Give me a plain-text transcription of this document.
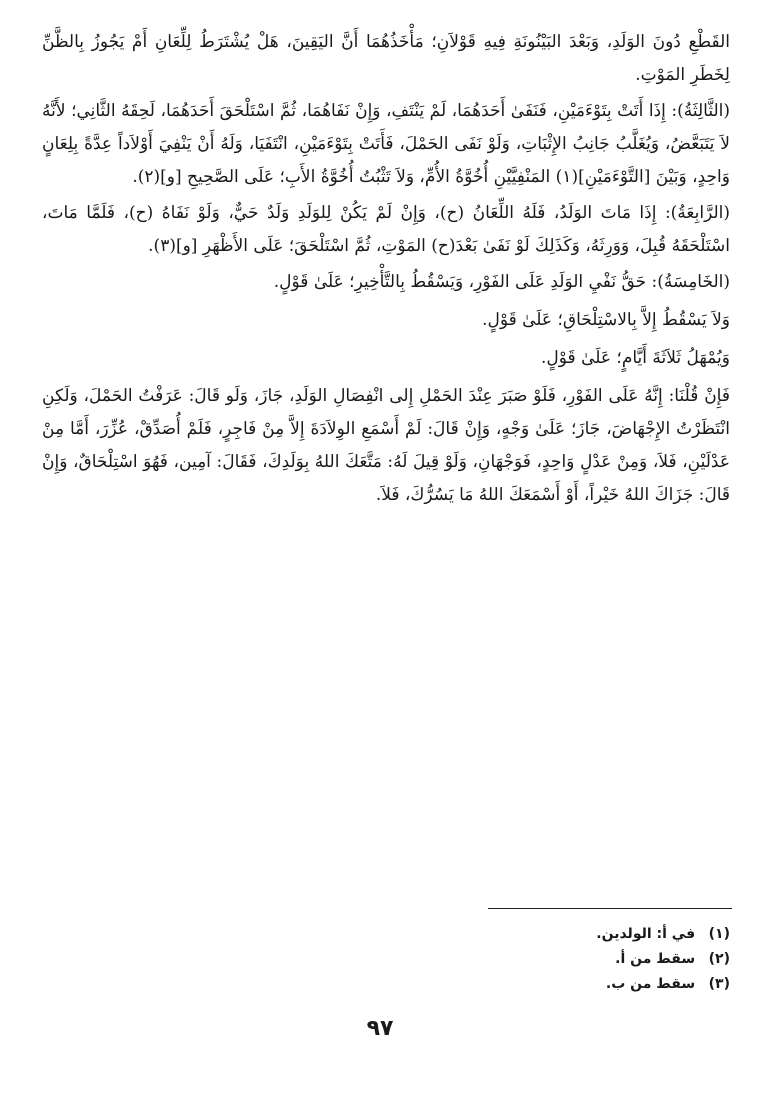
القَطْعِ دُونَ الوَلَدِ، وَبَعْدَ البَيْنُونَةِ فِيهِ قَوْلاَنِ؛ مَأْخَذُهُمَا أَنَّ اليَقِينَ، هَلْ يُشْتَرَطُ لِلِّعَانِ أَمْ يَجُوزُ بِالظَّنِّ لِخَطَرِ المَوْتِ.

(الثَّالِثَةُ): إِذَا أَتَتْ بِتَوْءَمَيْنِ، فَنَفَىٰ أَحَدَهُمَا، لَمْ يَنْتَفِ، وَإِنْ نَفَاهُمَا، ثُمَّ اسْتَلْحَقَ أَحَدَهُمَا، لَحِقَهُ الثَّانِي؛ لأَنَّهُ لاَ يَتَبَعَّضُ، وَيُغَلَّبُ جَانِبُ الإِثْبَاتِ، وَلَوْ نَفَى الحَمْلَ، فَأَتَتْ بِتَوْءَمَيْنِ، انْتَفَيَا، وَلَهُ أَنْ يَنْفِيَ أَوْلاَداً عِدَّةً بِلِعَانٍ وَاحِدٍ، وَبَيْنَ [التَّوْءَمَيْنِ](١) المَنْفِيَّيْنِ أُخُوَّةُ الأُمِّ، وَلاَ تَثْبُتُ أُخُوَّةُ الأَبِ؛ عَلَى الصَّحِيحِ [و](٢).

(الرَّابِعَةُ): إِذَا مَاتَ الوَلَدُ، فَلَهُ اللِّعَانُ (ح)، وَإِنْ لَمْ يَكُنْ لِلوَلَدِ وَلَدٌ حَيٌّ، وَلَوْ نَفَاهُ (ح)، فَلَمَّا مَاتَ، اسْتَلْحَقَهُ قُبِلَ، وَوَرِثَهُ، وَكَذَلِكَ لَوْ نَفَىٰ بَعْدَ(ح) المَوْتِ، ثُمَّ اسْتَلْحَقَ؛ عَلَى الأَظْهَرِ [و](٣).

(الخَامِسَةُ): حَقُّ نَفْيِ الوَلَدِ عَلَى الفَوْرِ، وَيَسْقُطُ بِالتَّأْخِيرِ؛ عَلَىٰ قَوْلٍ.

وَلاَ يَسْقُطُ إِلاَّ بِالاسْتِلْحَاقِ؛ عَلَىٰ قَوْلٍ.

وَيُمْهَلُ ثَلاَثَةَ أَيَّامٍ؛ عَلَىٰ قَوْلٍ.

فَإِنْ قُلْنَا: إِنَّهُ عَلَى الفَوْرِ، فَلَوْ صَبَرَ عِنْدَ الحَمْلِ إِلى انْفِصَالِ الوَلَدِ، جَازَ، وَلَو قَالَ: عَرَفْتُ الحَمْلَ، وَلَكِنِ انْتَظَرْتُ الإِجْهَاضَ، جَازَ؛ عَلَىٰ وَجْهٍ، وَإِنْ قَالَ: لَمْ أَسْمَعِ الوِلاَدَةَ إِلاَّ مِنْ فَاجِرٍ، فَلَمْ أُصَدِّقْ، عُزِّرَ، أَمَّا مِنْ عَدْلَيْنِ، فَلاَ، وَمِنْ عَدْلٍ وَاحِدٍ، فَوَجْهَانِ، وَلَوْ قِيلَ لَهُ: مَتَّعَكَ اللهُ بِوَلَدِكَ، فَقَالَ: آمِين، فَهُوَ اسْتِلْحَاقٌ، وَإِنْ قَالَ: جَزَاكَ اللهُ خَيْراً، أَوْ أَسْمَعَكَ اللهُ مَا يَسُرُّكَ، فَلاَ.

(١) في أ: الولدين.
(٢) سقط من أ.
(٣) سقط من ب.
٩٧
